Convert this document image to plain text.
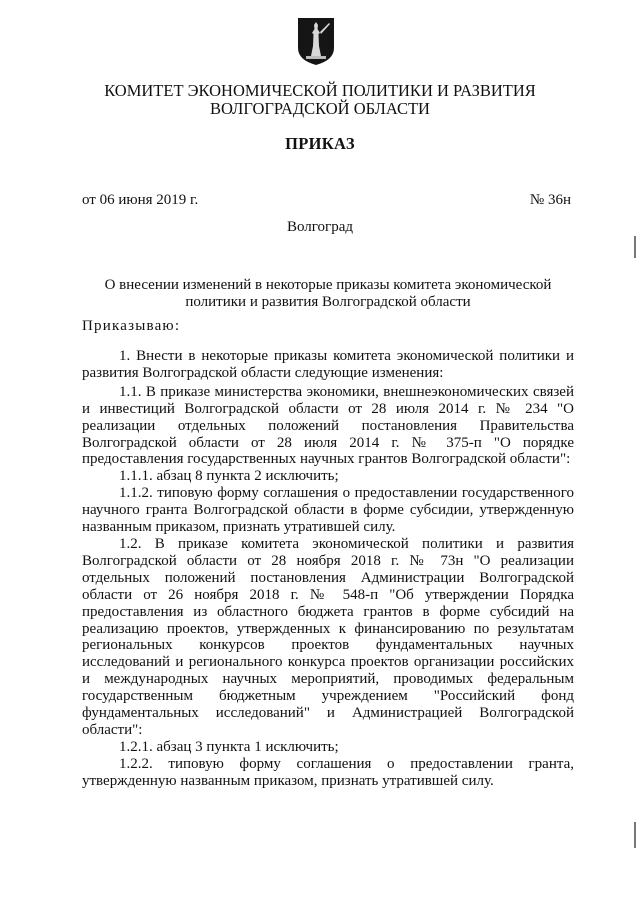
КОМИТЕТ ЭКОНОМИЧЕСКОЙ ПОЛИТИКИ И РАЗВИТИЯ
ВОЛГОГРАДСКОЙ ОБЛАСТИ
ПРИКАЗ
от 06 июня 2019 г.	№ 36н
Волгоград
О внесении изменений в некоторые приказы комитета экономической
политики и развития Волгоградской области
Приказываю:

1. Внести в некоторые приказы комитета экономической политики и развития Волгоградской области следующие изменения:

1.1. В приказе министерства экономики, внешнеэкономических связей и инвестиций Волгоградской области от 28 июля 2014 г. № 234 "О реализации отдельных положений постановления Правительства Волгоградской области от 28 июля 2014 г. № 375-п "О порядке предоставления государственных научных грантов Волгоградской области":

1.1.1. абзац 8 пункта 2 исключить;

1.1.2. типовую форму соглашения о предоставлении государственного научного гранта Волгоградской области в форме субсидии, утвержденную названным приказом, признать утратившей силу.

1.2. В приказе комитета экономической политики и развития Волгоградской области от 28 ноября 2018 г. № 73н "О реализации отдельных положений постановления Администрации Волгоградской области от 26 ноября 2018 г. № 548-п "Об утверждении Порядка предоставления из областного бюджета грантов в форме субсидий на реализацию проектов, утвержденных к финансированию по результатам региональных конкурсов проектов фундаментальных научных исследований и регионального конкурса проектов организации российских и международных научных мероприятий, проводимых федеральным государственным бюджетным учреждением "Российский фонд фундаментальных исследований" и Администрацией Волгоградской области":

1.2.1. абзац 3 пункта 1 исключить;

1.2.2. типовую форму соглашения о предоставлении гранта, утвержденную названным приказом, признать утратившей силу.
